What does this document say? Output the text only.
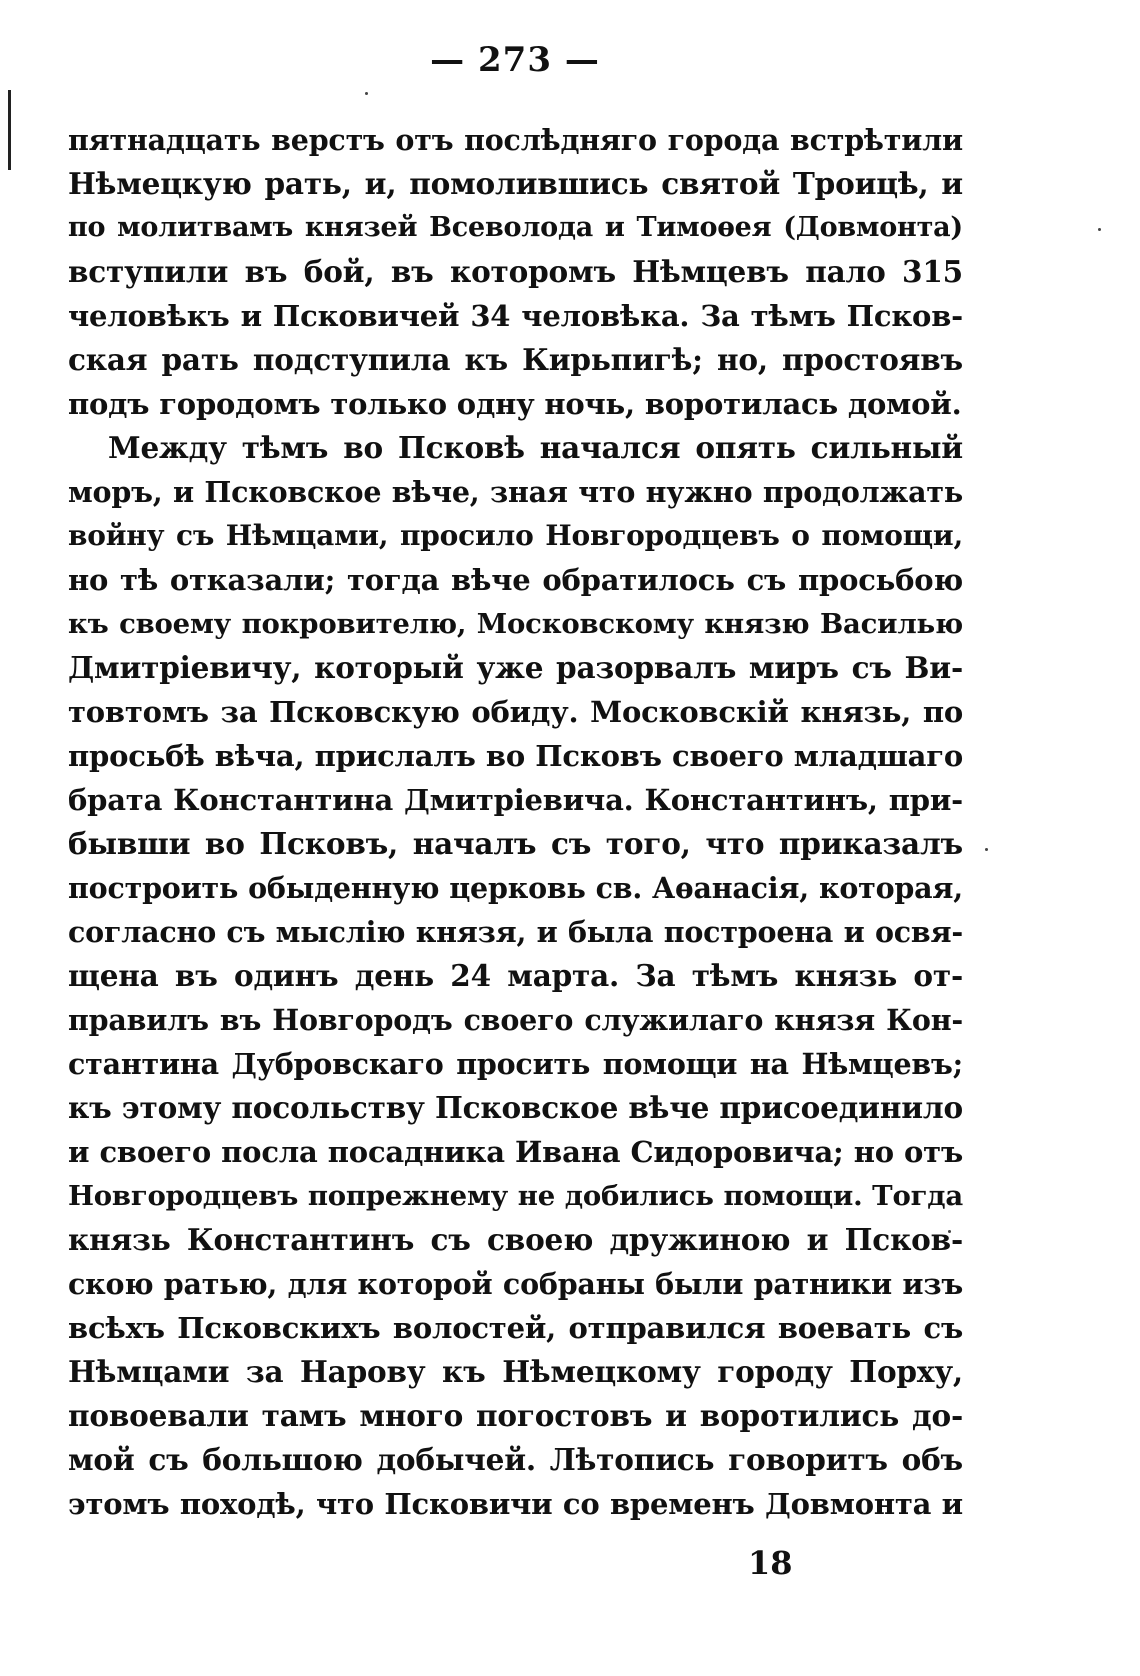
— 273 —
пятнадцать верстъ отъ послѣдняго города встрѣтили
Нѣмецкую рать, и, помолившись святой Троицѣ, и
по молитвамъ князей Всеволода и Тимоѳея (Довмонта)
вступили въ бой, въ которомъ Нѣмцевъ пало 315
человѣкъ и Псковичей 34 человѣка. За тѣмъ Псков-
ская рать подступила къ Кирьпигѣ; но, простоявъ
подъ городомъ только одну ночь, воротилась домой.
Между тѣмъ во Псковѣ начался опять сильный
моръ, и Псковское вѣче, зная что нужно продолжать
войну съ Нѣмцами, просило Новгородцевъ о помощи,
но тѣ отказали; тогда вѣче обратилось съ просьбою
къ своему покровителю, Московскому князю Василью
Дмитріевичу, который уже разорвалъ миръ съ Ви-
товтомъ за Псковскую обиду. Московскій князь, по
просьбѣ вѣча, прислалъ во Псковъ своего младшаго
брата Константина Дмитріевича. Константинъ, при-
бывши во Псковъ, началъ съ того, что приказалъ
построить обыденную церковь св. Аѳанасія, которая,
согласно съ мыслію князя, и была построена и освя-
щена въ одинъ день 24 марта. За тѣмъ князь от-
правилъ въ Новгородъ своего служилаго князя Кон-
стантина Дубровскаго просить помощи на Нѣмцевъ;
къ этому посольству Псковское вѣче присоединило
и своего посла посадника Ивана Сидоровича; но отъ
Новгородцевъ попрежнему не добились помощи. Тогда
князь Константинъ съ своею дружиною и Псков-
скою ратью, для которой собраны были ратники изъ
всѣхъ Псковскихъ волостей, отправился воевать съ
Нѣмцами за Нарову къ Нѣмецкому городу Порху,
повоевали тамъ много погостовъ и воротились до-
мой съ большою добычей. Лѣтопись говоритъ объ
этомъ походѣ, что Псковичи со временъ Довмонта и
18
